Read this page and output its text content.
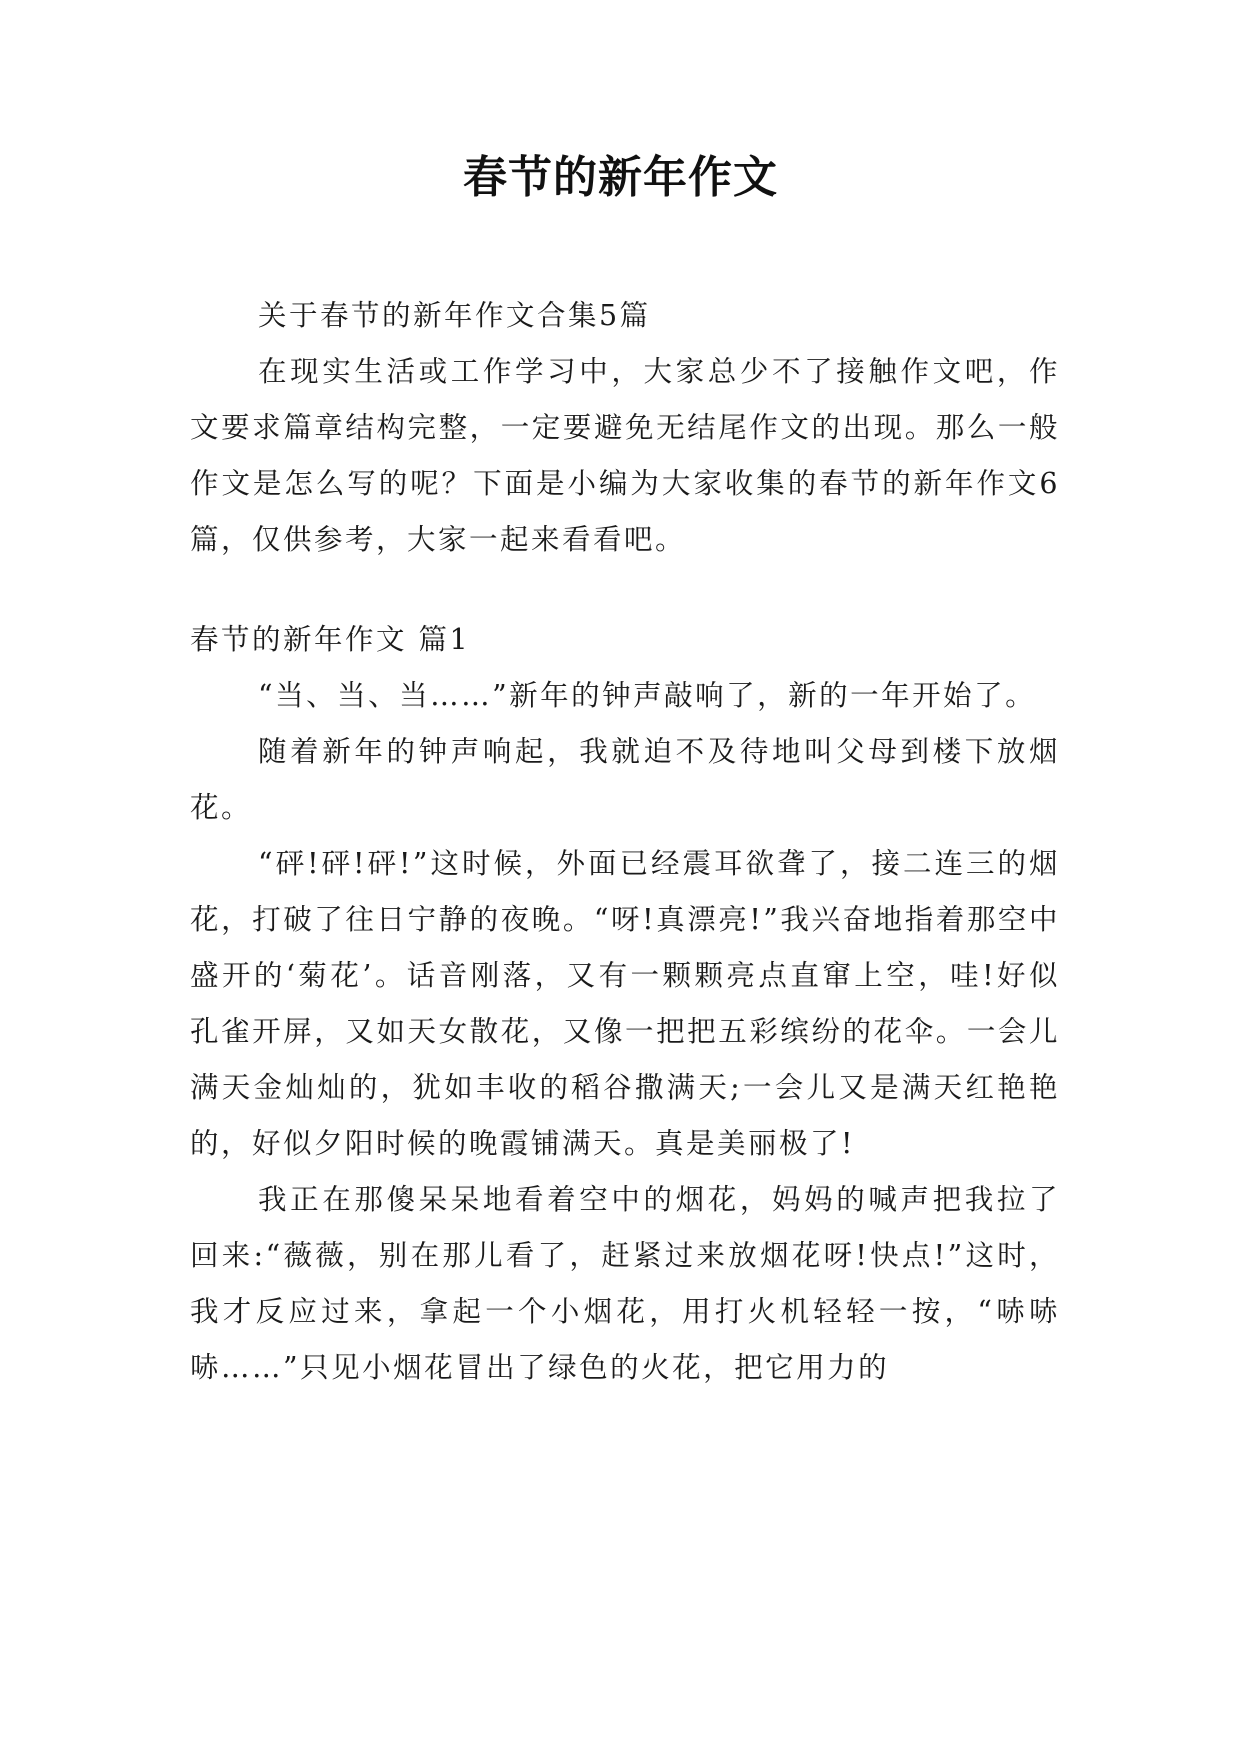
春节的新年作文

关于春节的新年作文合集5篇

在现实生活或工作学习中，大家总少不了接触作文吧，作文要求篇章结构完整，一定要避免无结尾作文的出现。那么一般作文是怎么写的呢？下面是小编为大家收集的春节的新年作文6篇，仅供参考，大家一起来看看吧。

春节的新年作文 篇1

“当、当、当……”新年的钟声敲响了，新的一年开始了。

随着新年的钟声响起，我就迫不及待地叫父母到楼下放烟花。

“砰!砰!砰!”这时候，外面已经震耳欲聋了，接二连三的烟花，打破了往日宁静的夜晚。“呀!真漂亮!”我兴奋地指着那空中盛开的‘菊花’。话音刚落，又有一颗颗亮点直窜上空，哇!好似孔雀开屏，又如天女散花，又像一把把五彩缤纷的花伞。一会儿满天金灿灿的，犹如丰收的稻谷撒满天;一会儿又是满天红艳艳的，好似夕阳时候的晚霞铺满天。真是美丽极了!

我正在那傻呆呆地看着空中的烟花，妈妈的喊声把我拉了回来:“薇薇，别在那儿看了，赶紧过来放烟花呀!快点!”这时，我才反应过来，拿起一个小烟花，用打火机轻轻一按，“哧哧哧……”只见小烟花冒出了绿色的火花，把它用力的
